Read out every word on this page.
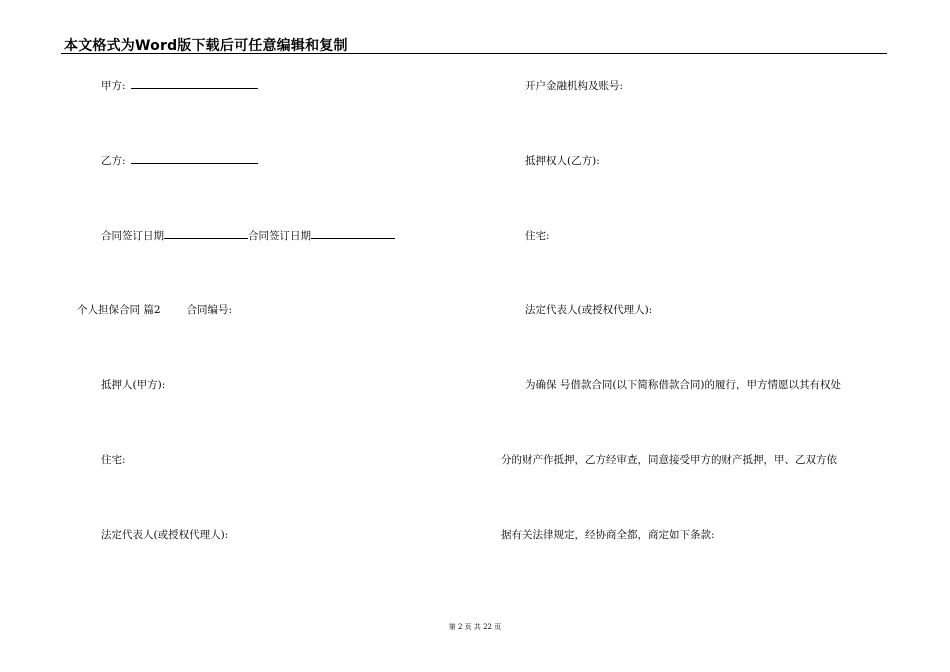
本文格式为Word版下载后可任意编辑和复制
甲方:
乙方:
合同签订日期	合同签订日期
个人担保合同 篇2 合同编号:
抵押人(甲方):
住宅:
法定代表人(或授权代理人):
开户金融机构及账号:
抵押权人(乙方):
住宅:
法定代表人(或授权代理人):
为确保 号借款合同(以下简称借款合同)的履行，甲方情愿以其有权处
分的财产作抵押，乙方经审查，同意接受甲方的财产抵押，甲、乙双方依
据有关法律规定，经协商全都，商定如下条款:
第 2 页 共 22 页
